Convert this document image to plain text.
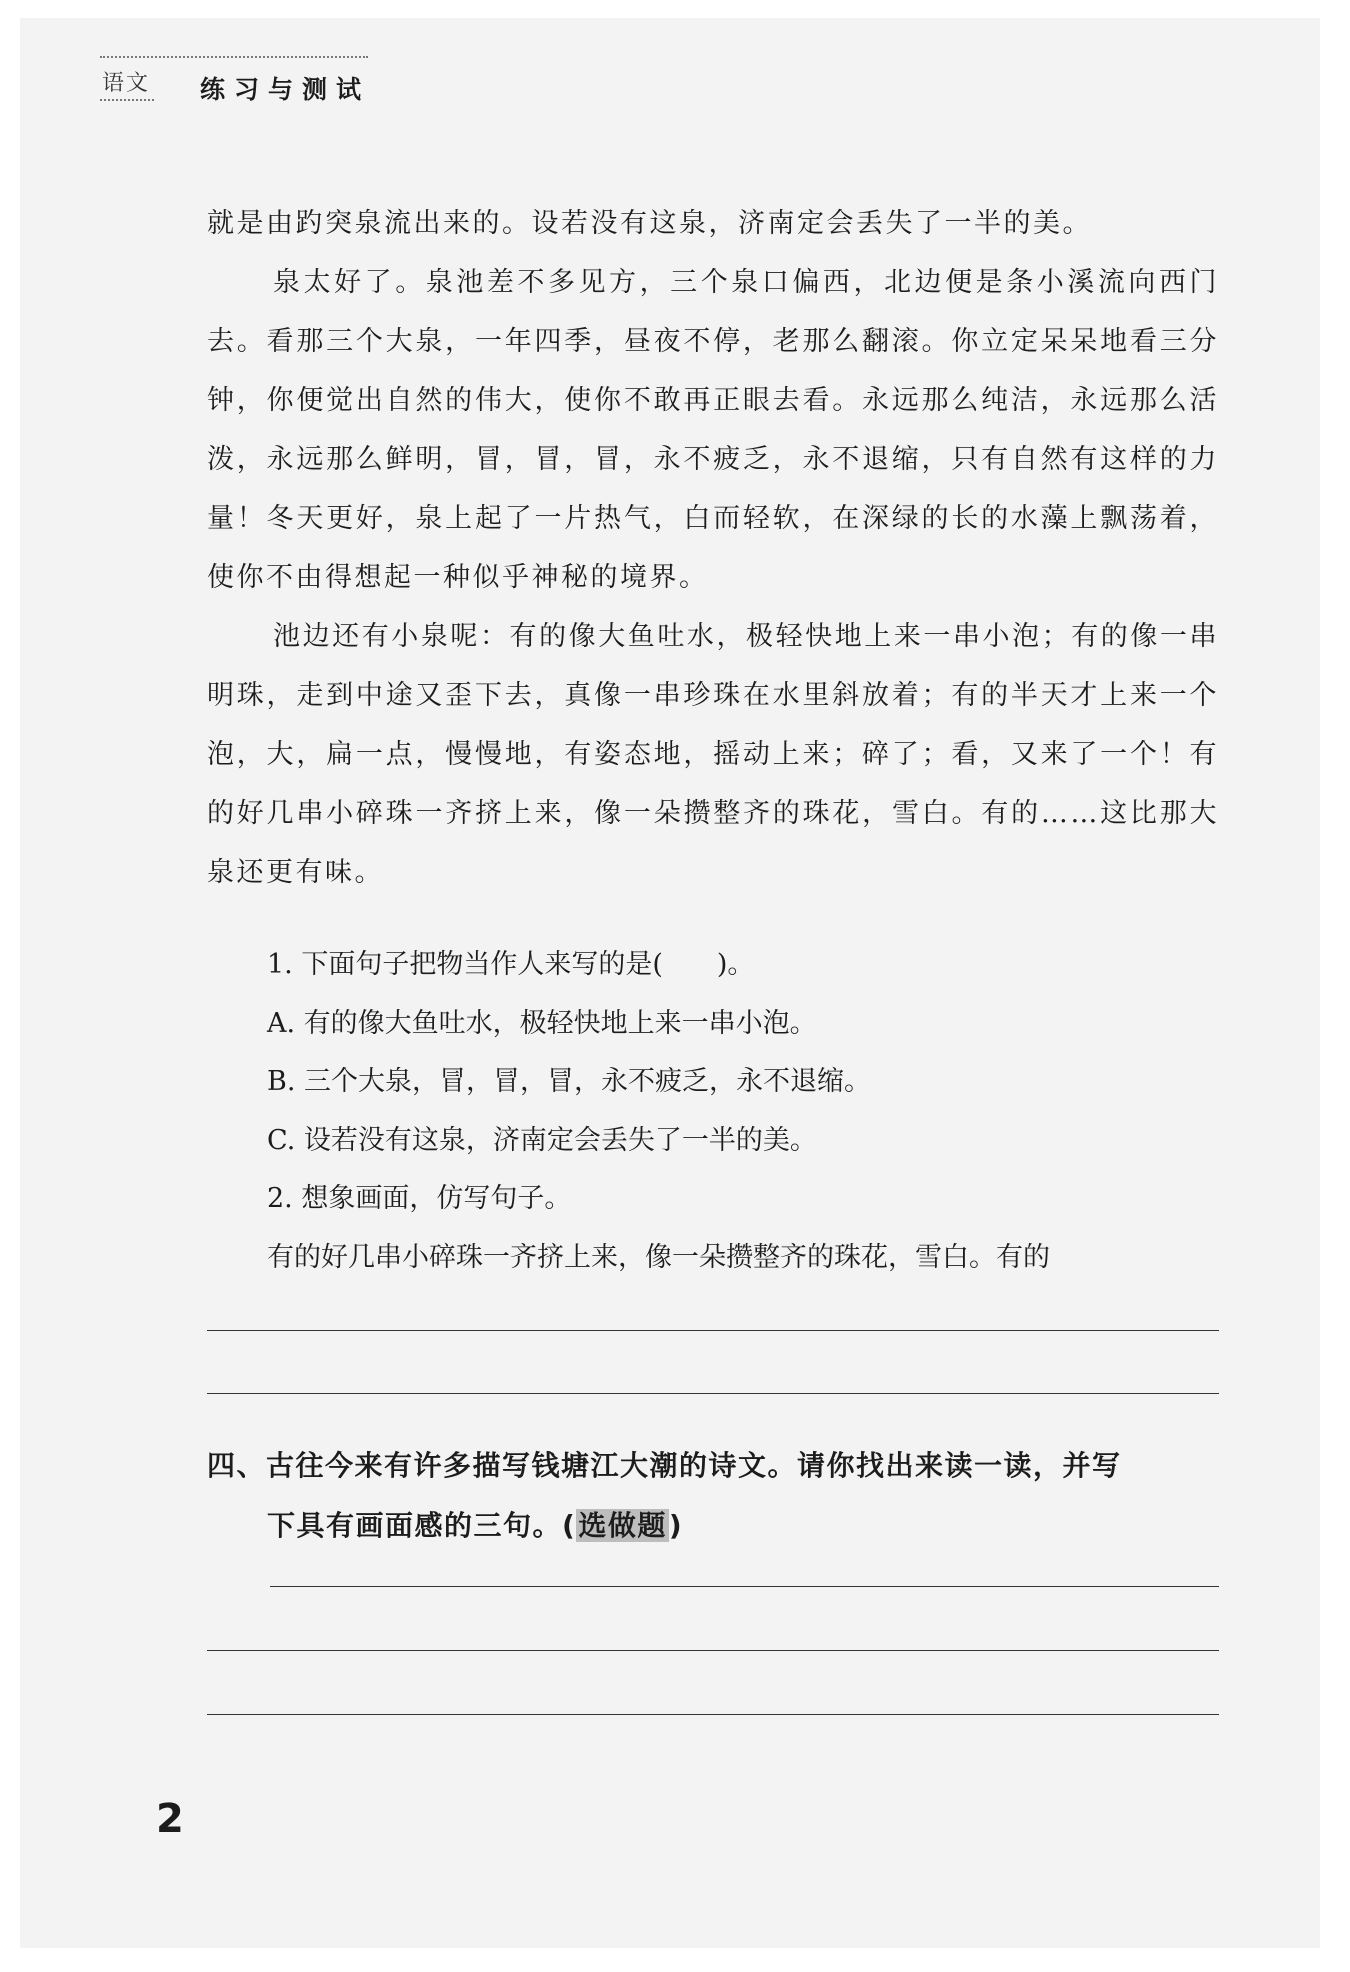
语文 练习与测试

就是由趵突泉流出来的。设若没有这泉，济南定会丢失了一半的美。

泉太好了。泉池差不多见方，三个泉口偏西，北边便是条小溪流向西门去。看那三个大泉，一年四季，昼夜不停，老那么翻滚。你立定呆呆地看三分钟，你便觉出自然的伟大，使你不敢再正眼去看。永远那么纯洁，永远那么活泼，永远那么鲜明，冒，冒，冒，永不疲乏，永不退缩，只有自然有这样的力量！冬天更好，泉上起了一片热气，白而轻软，在深绿的长的水藻上飘荡着，使你不由得想起一种似乎神秘的境界。

池边还有小泉呢：有的像大鱼吐水，极轻快地上来一串小泡；有的像一串明珠，走到中途又歪下去，真像一串珍珠在水里斜放着；有的半天才上来一个泡，大，扁一点，慢慢地，有姿态地，摇动上来；碎了；看，又来了一个！有的好几串小碎珠一齐挤上来，像一朵攒整齐的珠花，雪白。有的……这比那大泉还更有味。

1. 下面句子把物当作人来写的是(　　)。
A. 有的像大鱼吐水，极轻快地上来一串小泡。
B. 三个大泉，冒，冒，冒，永不疲乏，永不退缩。
C. 设若没有这泉，济南定会丢失了一半的美。
2. 想象画面，仿写句子。
有的好几串小碎珠一齐挤上来，像一朵攒整齐的珠花，雪白。有的
四、古往今来有许多描写钱塘江大潮的诗文。请你找出来读一读，并写
下具有画面感的三句。(选做题)
2
